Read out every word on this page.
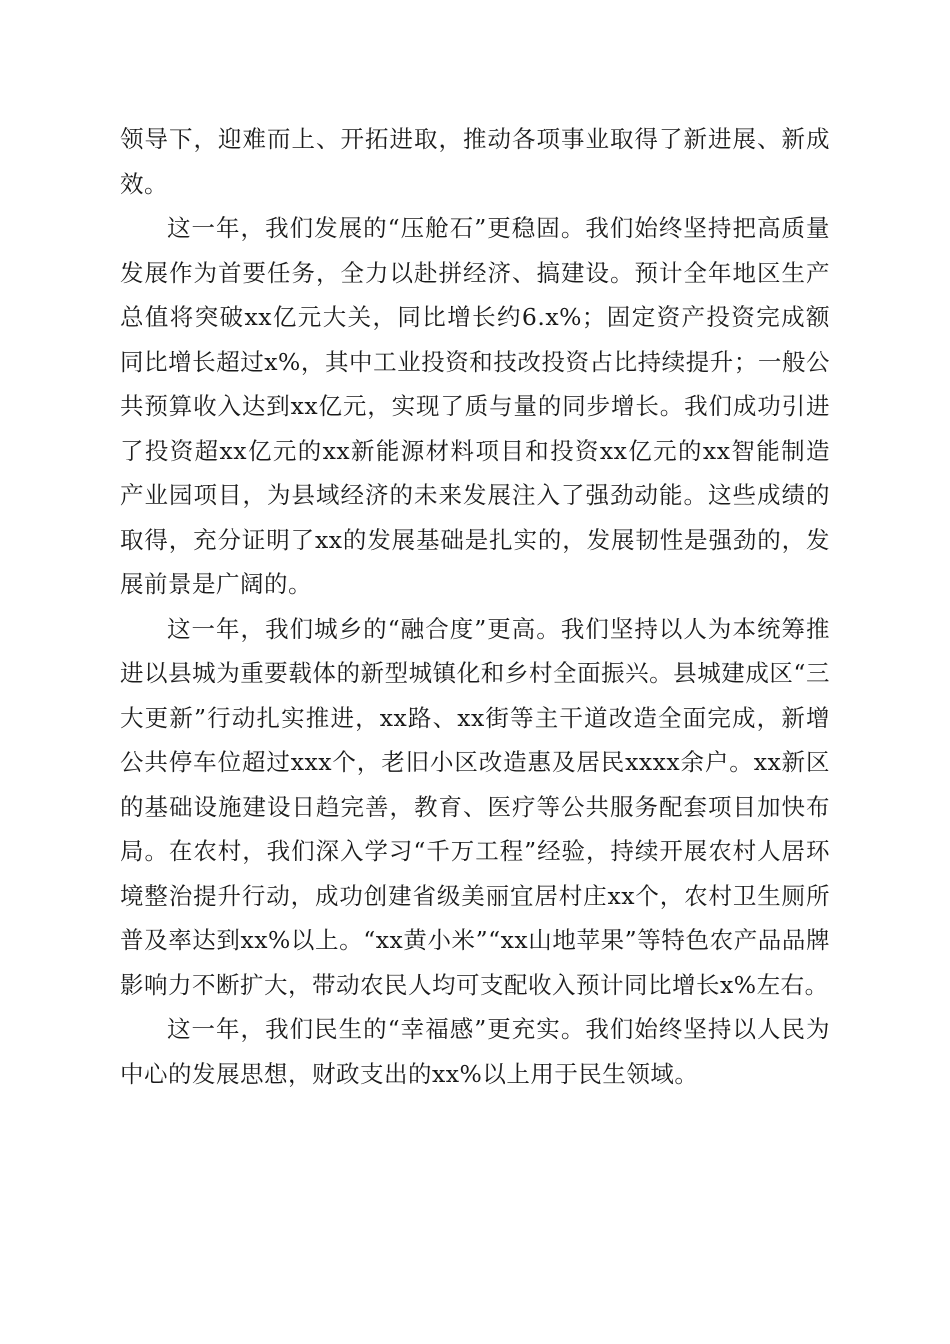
领导下，迎难而上、开拓进取，推动各项事业取得了新进展、新成效。

这一年，我们发展的“压舱石”更稳固。我们始终坚持把高质量发展作为首要任务，全力以赴拼经济、搞建设。预计全年地区生产总值将突破xx亿元大关，同比增长约6.x%；固定资产投资完成额同比增长超过x%，其中工业投资和技改投资占比持续提升；一般公共预算收入达到xx亿元，实现了质与量的同步增长。我们成功引进了投资超xx亿元的xx新能源材料项目和投资xx亿元的xx智能制造产业园项目，为县域经济的未来发展注入了强劲动能。这些成绩的取得，充分证明了xx的发展基础是扎实的，发展韧性是强劲的，发展前景是广阔的。

这一年，我们城乡的“融合度”更高。我们坚持以人为本统筹推进以县城为重要载体的新型城镇化和乡村全面振兴。县城建成区“三大更新”行动扎实推进，xx路、xx街等主干道改造全面完成，新增公共停车位超过xxx个，老旧小区改造惠及居民xxxx余户。xx新区的基础设施建设日趋完善，教育、医疗等公共服务配套项目加快布局。在农村，我们深入学习“千万工程”经验，持续开展农村人居环境整治提升行动，成功创建省级美丽宜居村庄xx个，农村卫生厕所普及率达到xx%以上。“xx黄小米”“xx山地苹果”等特色农产品品牌影响力不断扩大，带动农民人均可支配收入预计同比增长x%左右。

这一年，我们民生的“幸福感”更充实。我们始终坚持以人民为中心的发展思想，财政支出的xx%以上用于民生领域。
